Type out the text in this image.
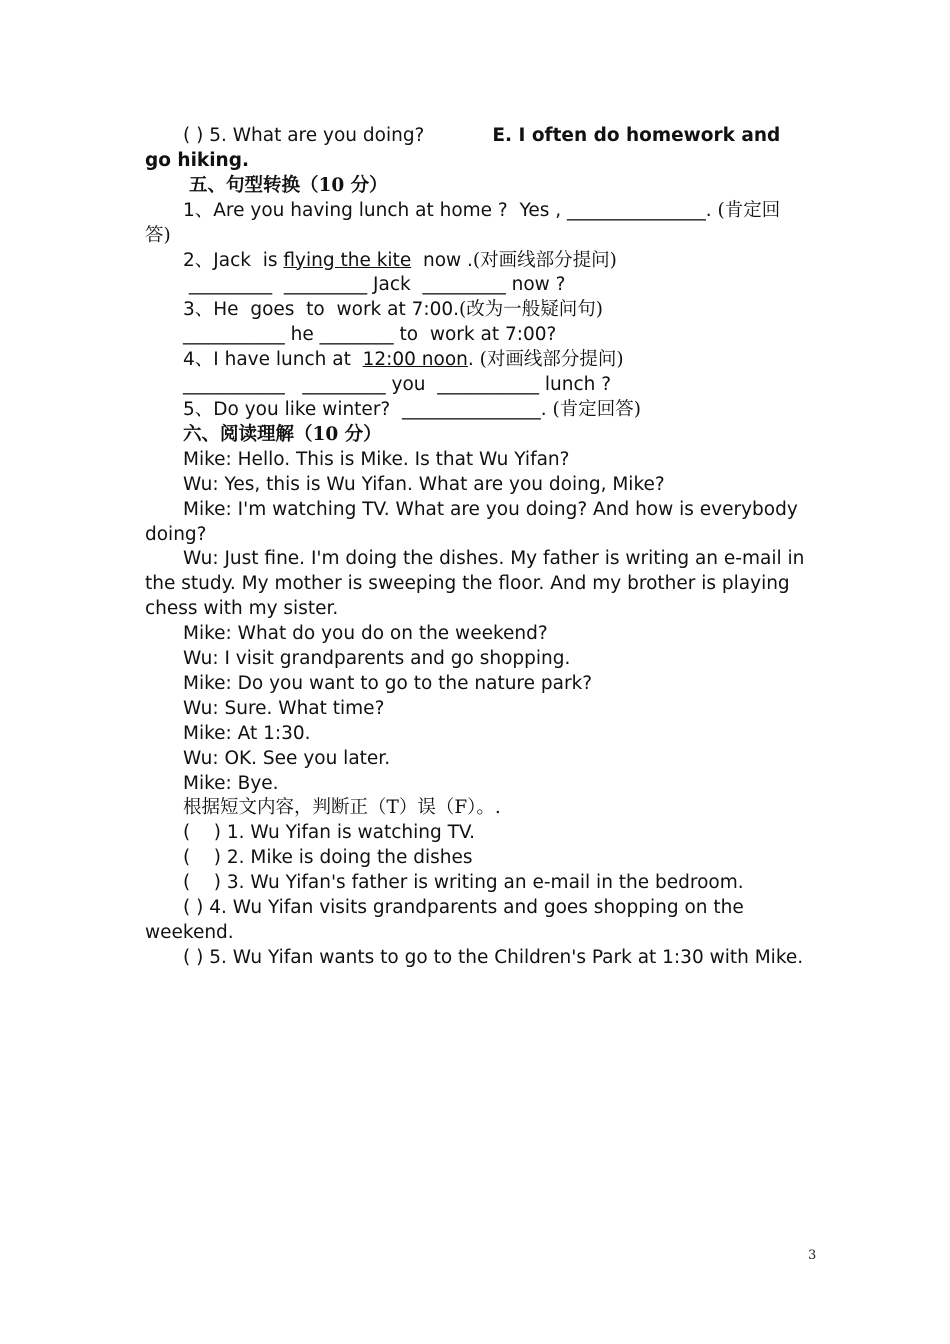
( ) 5. What are you doing?	E. I often do homework and
go hiking.
五、句型转换（10 分）
1、Are you having lunch at home ?  Yes , _______________. (肯定回
答)
2、Jack  is flying the kite  now .(对画线部分提问)
_________  _________ Jack  _________ now ?
3、He  goes  to  work at 7:00.(改为一般疑问句)
___________ he ________ to  work at 7:00?
4、I have lunch at  12:00 noon. (对画线部分提问)
___________   _________ you  ___________ lunch ?
5、Do you like winter?  _______________. (肯定回答)
六、阅读理解（10 分）
Mike: Hello. This is Mike. Is that Wu Yifan?
Wu: Yes, this is Wu Yifan. What are you doing, Mike?
Mike: I'm watching TV. What are you doing? And how is everybody doing?
Wu: Just fine. I'm doing the dishes. My father is writing an e-mail in the study. My mother is sweeping the floor. And my brother is playing chess with my sister.
Mike: What do you do on the weekend?
Wu: I visit grandparents and go shopping.
Mike: Do you want to go to the nature park?
Wu: Sure. What time?
Mike: At 1:30.
Wu: OK. See you later.
Mike: Bye.
根据短文内容，判断正（T）误（F）。.
(    ) 1. Wu Yifan is watching TV.
(    ) 2. Mike is doing the dishes
(    ) 3. Wu Yifan's father is writing an e-mail in the bedroom.
( ) 4. Wu Yifan visits grandparents and goes shopping on the weekend.
( ) 5. Wu Yifan wants to go to the Children's Park at 1:30 with Mike.
3
